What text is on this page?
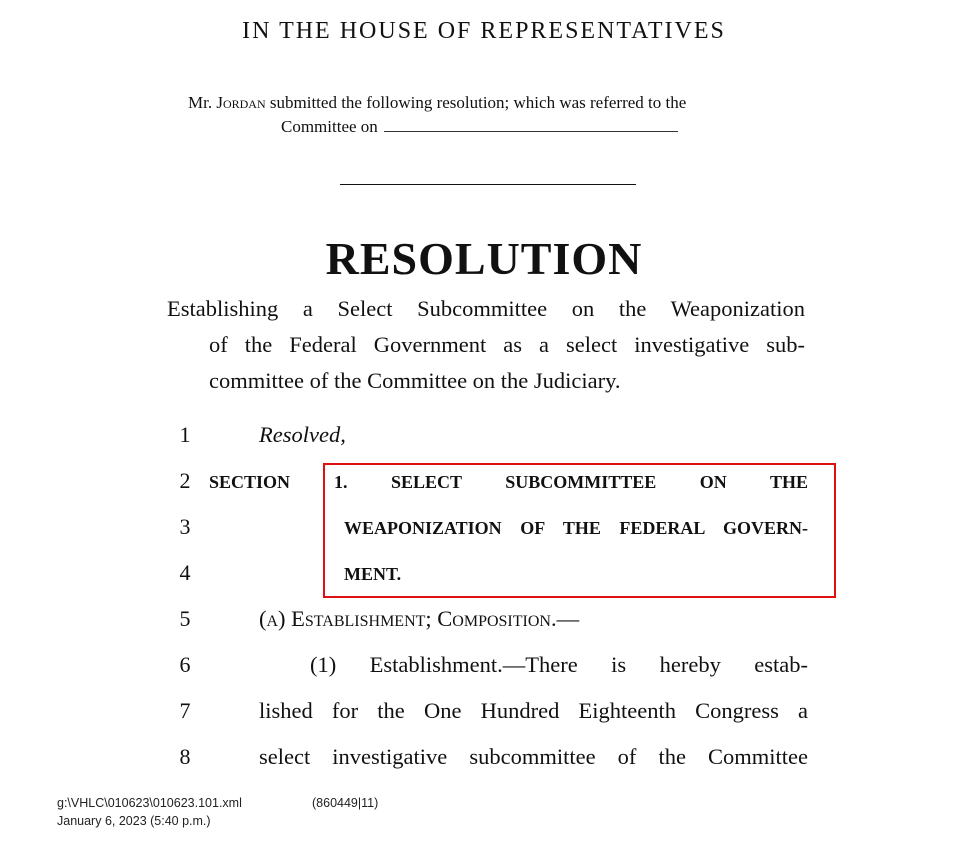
IN THE HOUSE OF REPRESENTATIVES
Mr. Jordan submitted the following resolution; which was referred to the
Committee on
RESOLUTION
Establishing a Select Subcommittee on the Weaponization
of the Federal Government as a select investigative sub-
committee of the Committee on the Judiciary.
1
2
3
4
5
6
7
8
Resolved,
SECTION 1. SELECT SUBCOMMITTEE ON THE
WEAPONIZATION OF THE FEDERAL GOVERN-
MENT.
(a) Establishment; Composition.—
(1) Establishment.—There is hereby estab-
lished for the One Hundred Eighteenth Congress a
select investigative subcommittee of the Committee
g:\VHLC\010623\010623.101.xml	(860449|11)
January 6, 2023 (5:40 p.m.)
